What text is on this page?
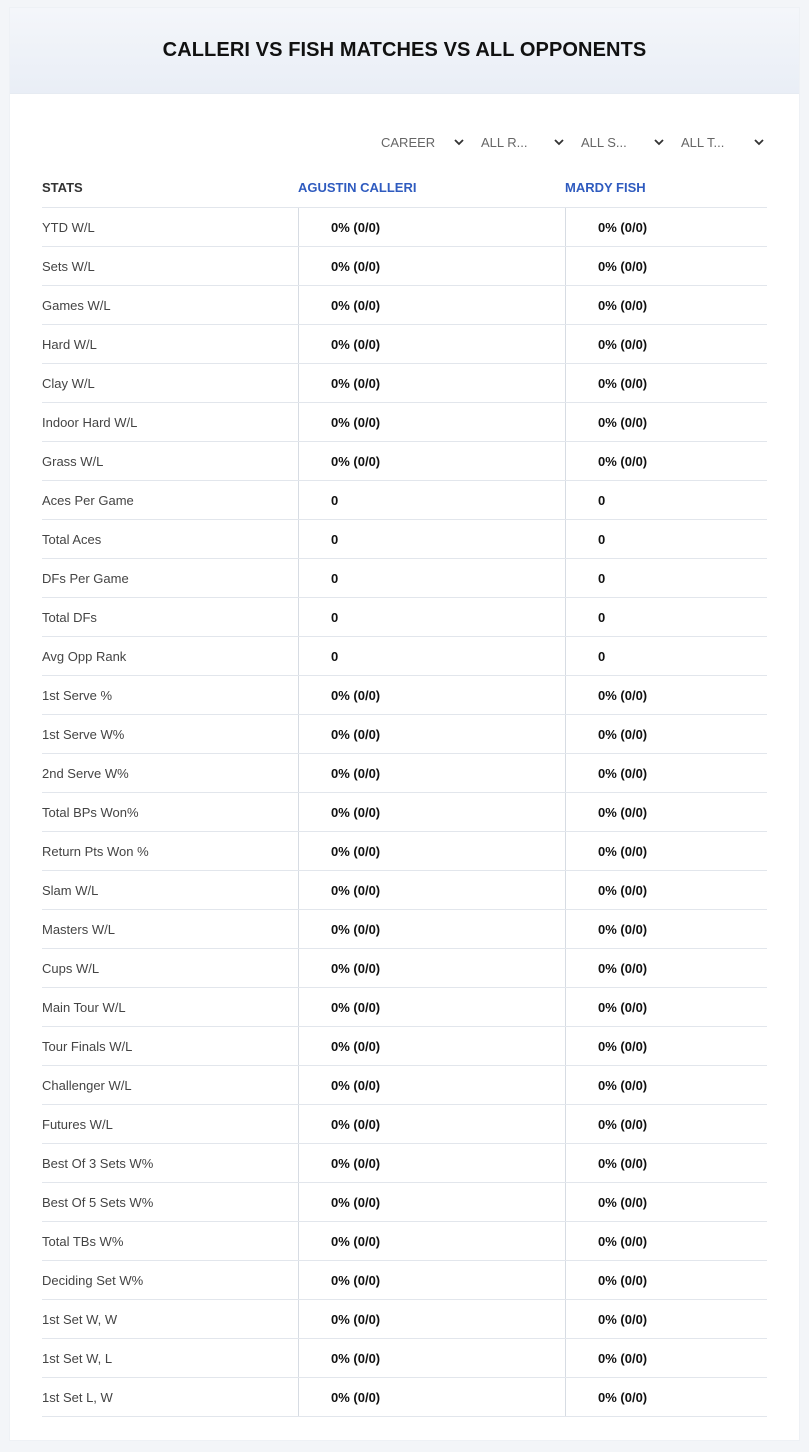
CALLERI VS FISH MATCHES VS ALL OPPONENTS
CAREER	ALL R...	ALL S...	ALL T...
STATS	AGUSTIN CALLERI	MARDY FISH
YTD W/L	0% (0/0)	0% (0/0)
Sets W/L	0% (0/0)	0% (0/0)
Games W/L	0% (0/0)	0% (0/0)
Hard W/L	0% (0/0)	0% (0/0)
Clay W/L	0% (0/0)	0% (0/0)
Indoor Hard W/L	0% (0/0)	0% (0/0)
Grass W/L	0% (0/0)	0% (0/0)
Aces Per Game	0	0
Total Aces	0	0
DFs Per Game	0	0
Total DFs	0	0
Avg Opp Rank	0	0
1st Serve %	0% (0/0)	0% (0/0)
1st Serve W%	0% (0/0)	0% (0/0)
2nd Serve W%	0% (0/0)	0% (0/0)
Total BPs Won%	0% (0/0)	0% (0/0)
Return Pts Won %	0% (0/0)	0% (0/0)
Slam W/L	0% (0/0)	0% (0/0)
Masters W/L	0% (0/0)	0% (0/0)
Cups W/L	0% (0/0)	0% (0/0)
Main Tour W/L	0% (0/0)	0% (0/0)
Tour Finals W/L	0% (0/0)	0% (0/0)
Challenger W/L	0% (0/0)	0% (0/0)
Futures W/L	0% (0/0)	0% (0/0)
Best Of 3 Sets W%	0% (0/0)	0% (0/0)
Best Of 5 Sets W%	0% (0/0)	0% (0/0)
Total TBs W%	0% (0/0)	0% (0/0)
Deciding Set W%	0% (0/0)	0% (0/0)
1st Set W, W	0% (0/0)	0% (0/0)
1st Set W, L	0% (0/0)	0% (0/0)
1st Set L, W	0% (0/0)	0% (0/0)
